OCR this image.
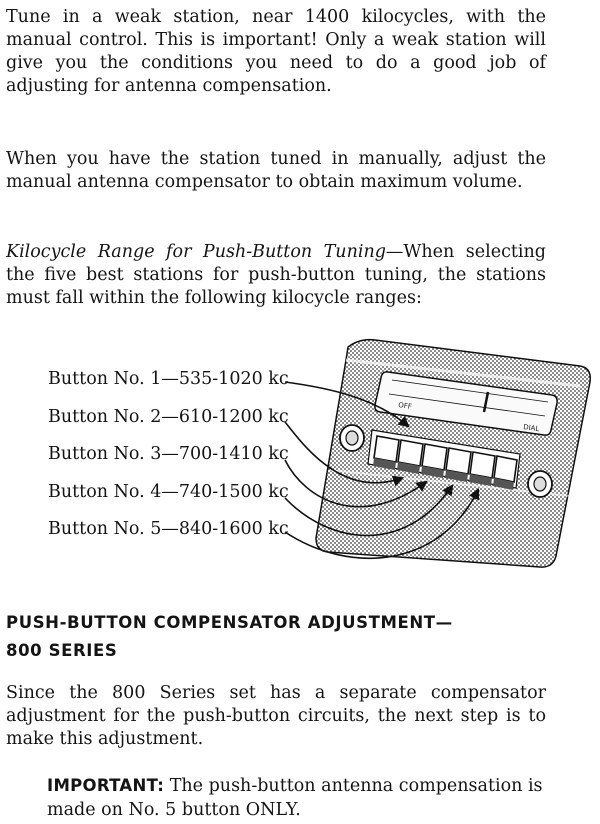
Tune in a weak station, near 1400 kilocycles, with the manual control. This is important! Only a weak station will give you the conditions you need to do a good job of adjusting for antenna compensation.

When you have the station tuned in manually, adjust the manual antenna compensator to obtain maximum volume.

Kilocycle Range for Push-Button Tuning—When selecting the five best stations for push-button tuning, the stations must fall within the following kilocycle ranges:

OFF
DIAL
Button No. 1—535-1020 kc
Button No. 2—610-1200 kc
Button No. 3—700-1410 kc
Button No. 4—740-1500 kc
Button No. 5—840-1600 kc
PUSH-BUTTON COMPENSATOR ADJUSTMENT—
800 SERIES

Since the 800 Series set has a separate compensator adjustment for the push-button circuits, the next step is to make this adjustment.

IMPORTANT: The push-button antenna compensation is made on No. 5 button ONLY.
